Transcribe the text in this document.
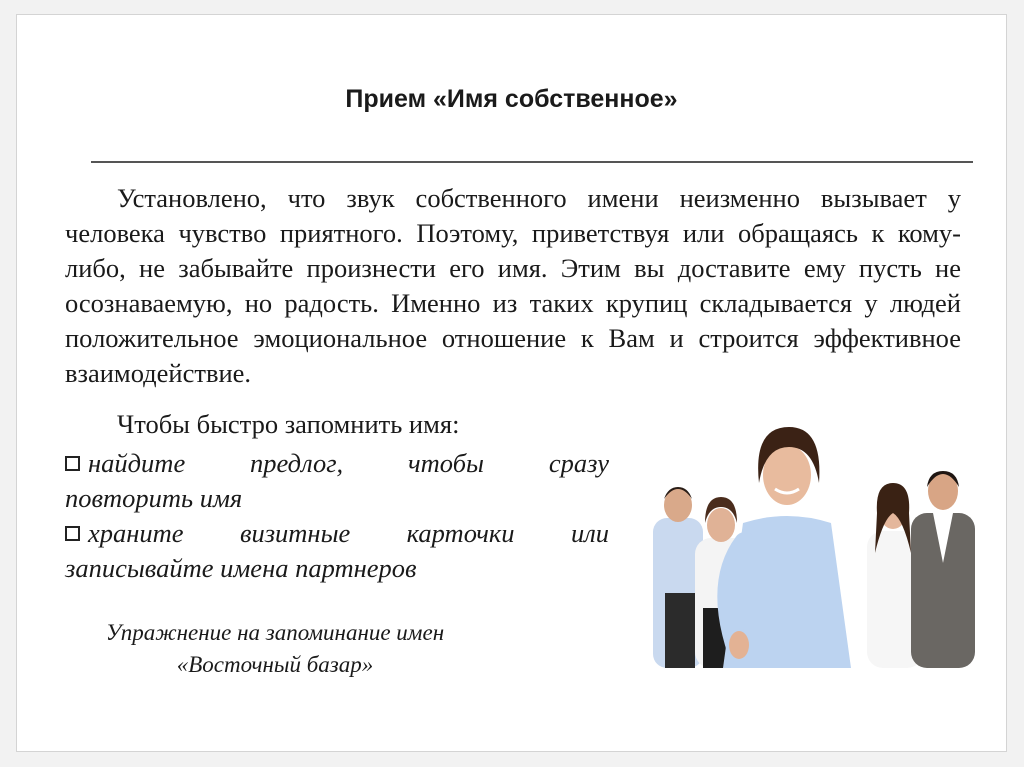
Прием «Имя собственное»

Установлено, что звук собственного имени неизменно вызывает у человека чувство приятного. Поэтому, приветствуя или обращаясь к кому-либо, не забывайте произнести его имя. Этим вы доставите ему пусть не осознаваемую, но радость. Именно из таких крупиц складывается у людей положительное эмоциональное отношение к Вам и строится эффективное взаимодействие.

Чтобы быстро запомнить имя:

найдите предлог, чтобы сразу
повторить имя
храните визитные карточки или
записывайте имена партнеров

Упражнение на запоминание имен
«Восточный базар»
